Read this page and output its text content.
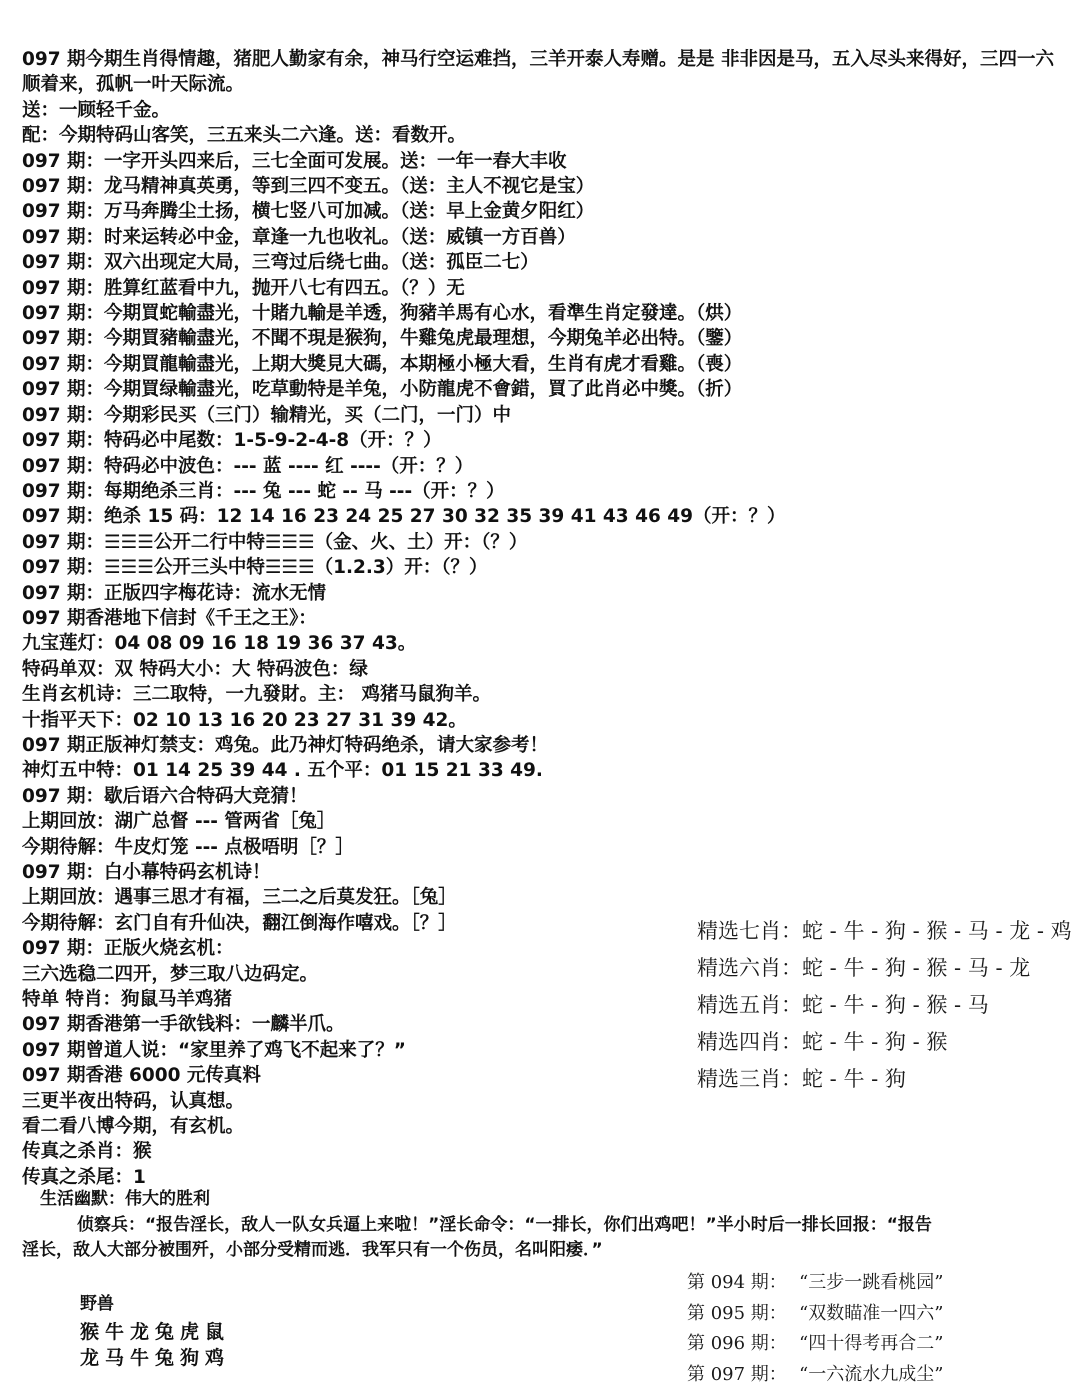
097 期今期生肖得情趣，猪肥人勤家有余，神马行空运难挡，三羊开泰人寿赠。是是 非非因是马，五入尽头来得好，三四一六顺着来，孤帆一叶天际流。
送：一顾轻千金。
配：今期特码山客笑，三五来头二六逢。送：看数开。
097 期：一字开头四来后，三七全面可发展。送：一年一春大丰收
097 期：龙马精神真英勇，等到三四不变五。（送：主人不视它是宝）
097 期：万马奔腾尘土扬，横七竖八可加减。（送：早上金黄夕阳红）
097 期：时来运转必中金，章逢一九也收礼。（送：威镇一方百兽）
097 期：双六出现定大局，三弯过后绕七曲。（送：孤臣二七）
097 期：胜算红蓝看中九，抛开八七有四五。（？）无
097 期：今期買蛇輸盡光，十賭九輸是羊透，狗豬羊馬有心水，看準生肖定發達。（烘）
097 期：今期買豬輸盡光，不聞不現是猴狗，牛雞兔虎最理想，今期兔羊必出特。（鑒）
097 期：今期買龍輸盡光，上期大獎見大碼，本期極小極大看，生肖有虎才看雞。（喪）
097 期：今期買绿輸盡光，吃草動特是羊兔，小防龍虎不會錯，買了此肖必中獎。（折）
097 期：今期彩民买（三门）输精光，买（二门，一门）中
097 期：特码必中尾数：1-5-9-2-4-8（开：？）
097 期：特码必中波色：--- 蓝 ---- 红 ----（开：？）
097 期：每期绝杀三肖：--- 兔 --- 蛇 -- 马 ---（开：？）
097 期：绝杀 15 码：12 14 16 23 24 25 27 30 32 35 39 41 43 46 49（开：？）
097 期：☰☰☰公开二行中特☰☰☰（金、火、土）开：（？）
097 期：☰☰☰公开三头中特☰☰☰（1.2.3）开：（？）
097 期：正版四字梅花诗：流水无情
097 期香港地下信封《千王之王》：
九宝莲灯：04 08 09 16 18 19 36 37 43。
特码单双：双 特码大小：大 特码波色：绿
生肖玄机诗：三二取特，一九發財。主： 鸡猪马鼠狗羊。
十指平天下：02 10 13 16 20 23 27 31 39 42。
097 期正版神灯禁支：鸡兔。此乃神灯特码绝杀，请大家参考！
神灯五中特：01 14 25 39 44 . 五个平：01 15 21 33 49.
097 期：歇后语六合特码大竞猜！
上期回放：湖广总督 --- 管两省［兔］
今期待解：牛皮灯笼 --- 点极唔明［？］
097 期：白小幕特码玄机诗！
上期回放：遇事三思才有福，三二之后莫发狂。［兔］
今期待解：玄门自有升仙决，翻江倒海作嘻戏。［？］
097 期：正版火烧玄机：
三六选稳二四开，梦三取八边码定。
特单 特肖：狗鼠马羊鸡猪
097 期香港第一手欲钱料：一麟半爪。
097 期曾道人说：“家里养了鸡飞不起来了？”
097 期香港 6000 元传真料
三更半夜出特码，认真想。
看二看八博今期，有玄机。
传真之杀肖：猴
传真之杀尾：1
生活幽默：伟大的胜利
侦察兵：“报告淫长，敌人一队女兵逼上来啦！”淫长命令：“一排长，你们出鸡吧！”半小时后一排长回报：“报告
淫长，敌人大部分被围歼，小部分受精而逃．我军只有一个伤员，名叫阳痿．”
精选七肖：蛇 - 牛 - 狗 - 猴 - 马 - 龙 - 鸡
精选六肖：蛇 - 牛 - 狗 - 猴 - 马 - 龙
精选五肖：蛇 - 牛 - 狗 - 猴 - 马
精选四肖：蛇 - 牛 - 狗 - 猴
精选三肖：蛇 - 牛 - 狗
野兽
猴牛龙兔虎鼠
龙马牛兔狗鸡
第 094 期： “三步一跳看桃园”
第 095 期： “双数瞄准一四六”
第 096 期： “四十得考再合二”
第 097 期： “一六流水九成尘”
